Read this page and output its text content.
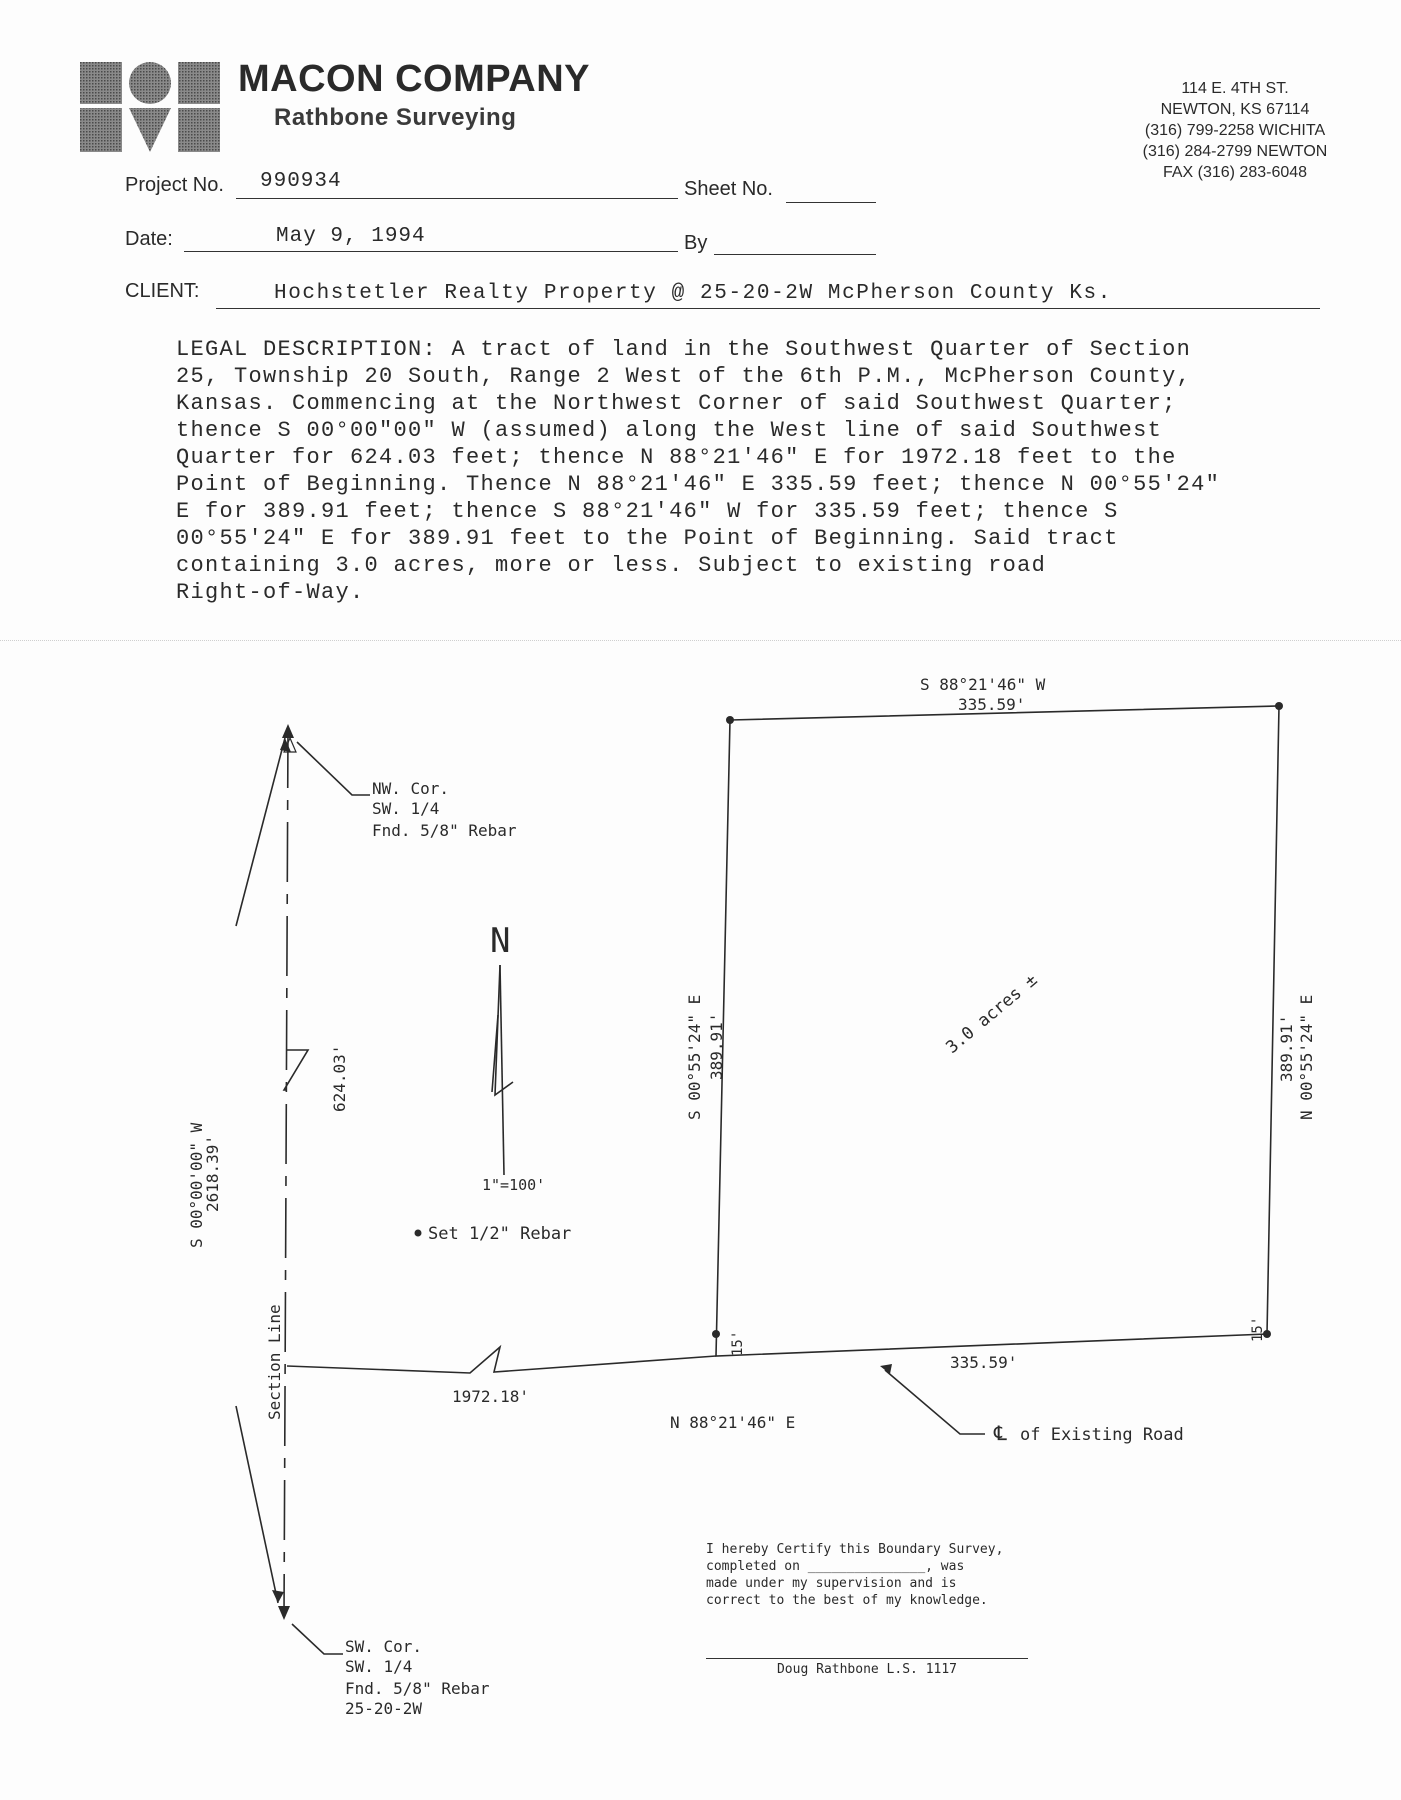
MACON COMPANY
Rathbone Surveying
114 E. 4TH ST.
NEWTON, KS 67114
(316) 799-2258 WICHITA
(316) 284-2799 NEWTON
FAX (316) 283-6048
Project No. 990934	Sheet No.
Date:	May 9, 1994	By
CLIENT:	Hochstetler Realty Property @ 25-20-2W McPherson County Ks.
LEGAL DESCRIPTION: A tract of land in the Southwest Quarter of Section
25, Township 20 South, Range 2 West of the 6th P.M., McPherson County,
Kansas. Commencing at the Northwest Corner of said Southwest Quarter;
thence S 00°00"00" W (assumed) along the West line of said Southwest
Quarter for 624.03 feet; thence N 88°21'46" E for 1972.18 feet to the
Point of Beginning. Thence N 88°21'46" E 335.59 feet; thence N 00°55'24"
E for 389.91 feet; thence S 88°21'46" W for 335.59 feet; thence S
00°55'24" E for 389.91 feet to the Point of Beginning. Said tract
containing 3.0 acres, more or less. Subject to existing road
Right-of-Way.
N
1"=100'
S 88°21'46" W
335.59'
335.59'
N 88°21'46" E
S 00°55'24" E 389.91'	389.91' N 00°55'24" E
3.0 acres ±
NW. Cor.
SW. 1/4
Fnd. 5/8" Rebar
SW. Cor.
SW. 1/4
Fnd. 5/8" Rebar
25-20-2W
S 00°00'00" W
2618.39'
624.03'
Section Line	1972.18'
Set 1/2" Rebar
℄ of Existing Road
15'
15'
I hereby Certify this Boundary Survey,
completed on _______________, was
made under my supervision and is
correct to the best of my knowledge.
Doug Rathbone L.S. 1117
